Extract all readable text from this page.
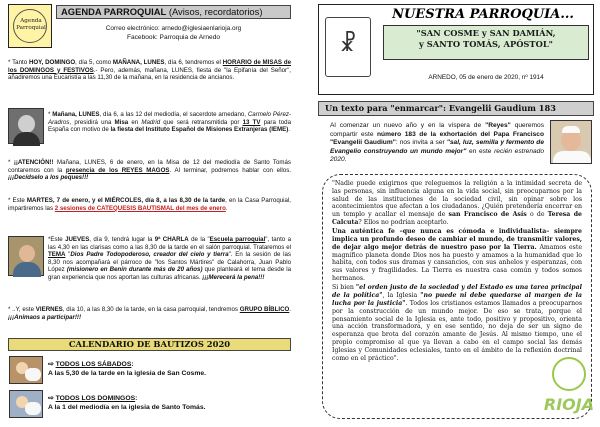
Agenda Parroquial
AGENDA PARROQUIAL (Avisos, recordatorios)
Correo electrónico: arnedo@iglesiaenlarioja.org
Facebook: Parroquia de Arnedo

* Tanto HOY, DOMINGO, día 5, como MAÑANA, LUNES, día 6, tendremos el HORARIO de MISAS de los DOMINGOS y FESTIVOS.- Pero, además, mañana, LUNES, fiesta de "la Epifanía del Señor", añadiremos una Eucaristía a las 11,30 de la mañana, en la residencia de ancianos.

* Mañana, LUNES, día 6, a las 12 del mediodía, el sacerdote arnedano, Carmelo Pérez-Aradros, presidirá una Misa en Madrid que será retransmitida por 13 TV para toda España con motivo de la fiesta del Instituto Español de Misiones Extranjeras (IEME).

* ¡¡ATENCIÓN!! Mañana, LUNES, 6 de enero, en la Misa de 12 del mediodía de Santo Tomás contaremos con la presencia de los REYES MAGOS. Al terminar, podremos hablar con ellos. ¡¡¡Decídselo a los peques!!!

* Este MARTES, 7 de enero, y el MIÉRCOLES, día 8, a las 8,30 de la tarde, en la Casa Parroquial, impartiremos las 2 sesiones de CATEQUESIS BAUTISMAL del mes de enero.

*Este JUEVES, día 9, tendrá lugar la 9ª CHARLA de la "Escuela parroquial", tanto a las 4,30 en las clarisas como a las 8,30 de la tarde en el salón parroquial. Trataremos el TEMA "Dios Padre Todopoderoso, creador del cielo y tierra". En la sesión de las 8,30 nos acompañará el párroco de "los Santos Mártires" de Calahorra, Juan Pablo López (misionero en Benín durante más de 20 años) que planteará el tema desde la gran experiencia que nos aportan las culturas africanas. ¡¡¡Merecerá la pena!!!

* ..Y, este VIERNES, día 10, a las 8,30 de la tarde, en la casa parroquial, tendremos GRUPO BÍBLICO. ¡¡¡Animaos a participar!!!

CALENDARIO DE BAUTIZOS 2020
⇨ TODOS LOS SÁBADOS:
A las 5,30 de la tarde en la iglesia de San Cosme.
⇨ TODOS LOS DOMINGOS:
A la 1 del mediodía en la iglesia de Santo Tomás.
☧
NUESTRA PARROQUIA...
"SAN COSME y SAN DAMIÁN,
y SANTO TOMÁS, APÓSTOL"
ARNEDO, 05 de enero de 2020, nº 1914
Un texto para "enmarcar": Evangelii Gaudium 183
Al comenzar un nuevo año y en la víspera de "Reyes" queremos compartir este número 183 de la exhortación del Papa Francisco "Evangelii Gaudium": nos invita a ser "sal, luz, semilla y fermento de Evangelio construyendo un mundo mejor" en este recién estrenado 2020.

"Nadie puede exigirnos que releguemos la religión a la intimidad secreta de las personas, sin influencia alguna en la vida social, sin preocuparnos por la salud de las instituciones de la sociedad civil, sin opinar sobre los acontecimientos que afectan a los ciudadanos. ¿Quién pretendería encerrar en un templo y acallar el mensaje de san Francisco de Asís o de Teresa de Calcuta? Ellos no podrían aceptarlo.

Una auténtica fe –que nunca es cómoda e individualista– siempre implica un profundo deseo de cambiar el mundo, de transmitir valores, de dejar algo mejor detrás de nuestro paso por la Tierra. Amamos este magnífico planeta donde Dios nos ha puesto y amamos a la humanidad que lo habita, con todos sus dramas y cansancios, con sus anhelos y esperanzas, con sus valores y fragilidades. La Tierra es nuestra casa común y todos somos hermanos.

Si bien "el orden justo de la sociedad y del Estado es una tarea principal de la política", la Iglesia "no puede ni debe quedarse al margen de la lucha por la justicia". Todos los cristianos estamos llamados a preocuparnos por la construcción de un mundo mejor. De eso se trata, porque el pensamiento social de la Iglesia es, ante todo, positivo y propositivo, orienta una acción transformadora, y en ese sentido, no deja de ser un signo de esperanza que brota del corazón amante de Jesús. Al mismo tiempo, une el propio compromiso al que ya llevan a cabo en el campo social las demás Iglesias y Comunidades eclesiales, tanto en el ámbito de la reflexión doctrinal como en el práctico".

RIOJA
